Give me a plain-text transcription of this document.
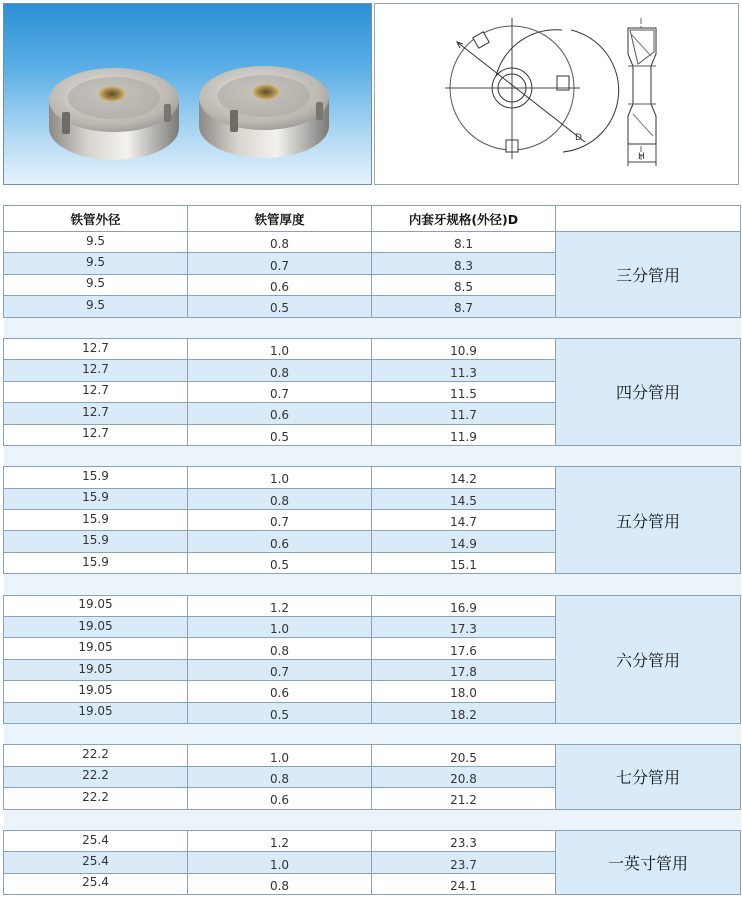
D
H
铁管外径	铁管厚度	内套牙规格(外径)D	
9.5	0.8	8.1	三分管用
9.5	0.7	8.3	
9.5	0.6	8.5	
9.5	0.5	8.7	

12.7	1.0	10.9	四分管用
12.7	0.8	11.3	
12.7	0.7	11.5	
12.7	0.6	11.7	
12.7	0.5	11.9	

15.9	1.0	14.2	五分管用
15.9	0.8	14.5	
15.9	0.7	14.7	
15.9	0.6	14.9	
15.9	0.5	15.1	

19.05	1.2	16.9	六分管用
19.05	1.0	17.3	
19.05	0.8	17.6	
19.05	0.7	17.8	
19.05	0.6	18.0	
19.05	0.5	18.2	

22.2	1.0	20.5	七分管用
22.2	0.8	20.8	
22.2	0.6	21.2	

25.4	1.2	23.3	一英寸管用
25.4	1.0	23.7	
25.4	0.8	24.1	
